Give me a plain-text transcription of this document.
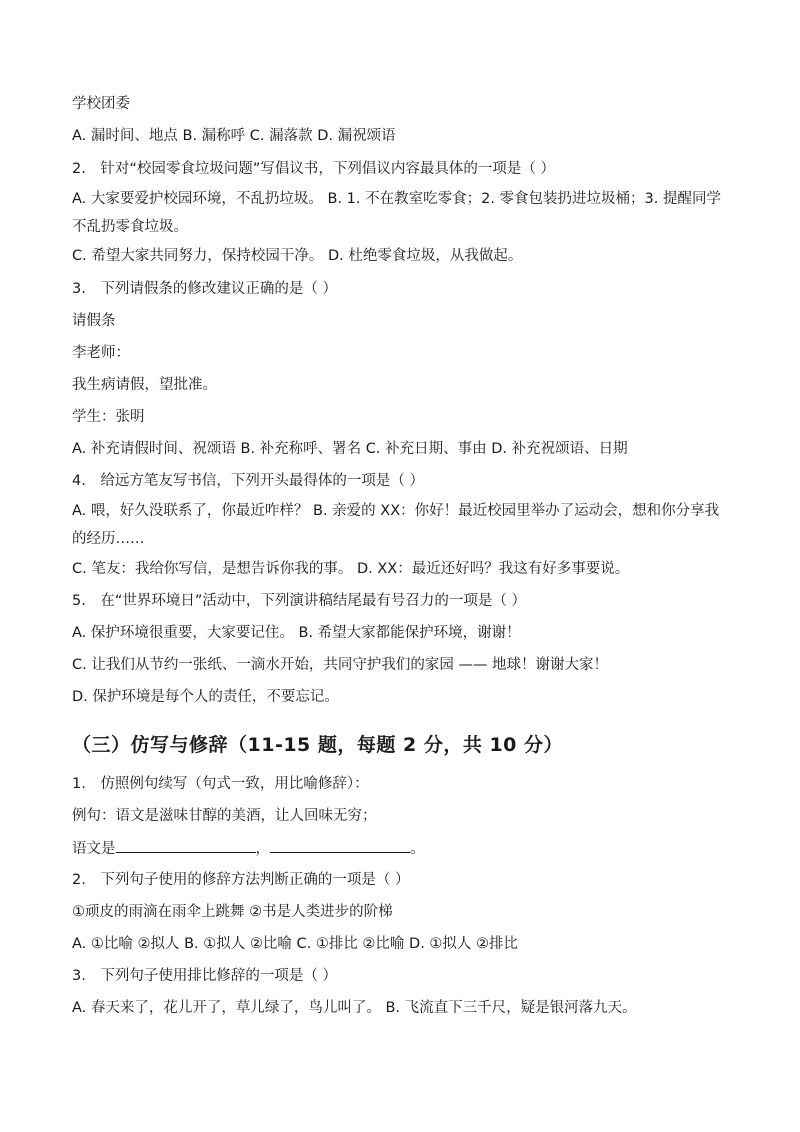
学校团委
A. 漏时间、地点 B. 漏称呼 C. 漏落款 D. 漏祝颂语
2.　针对“校园零食垃圾问题”写倡议书，下列倡议内容最具体的一项是（ ）
A. 大家要爱护校园环境，不乱扔垃圾。 B. 1. 不在教室吃零食；2. 零食包装扔进垃圾桶；3. 提醒同学不乱扔零食垃圾。
C. 希望大家共同努力，保持校园干净。 D. 杜绝零食垃圾，从我做起。
3.　下列请假条的修改建议正确的是（ ）
请假条
李老师：
我生病请假，望批准。
学生：张明
A. 补充请假时间、祝颂语 B. 补充称呼、署名 C. 补充日期、事由 D. 补充祝颂语、日期
4.　给远方笔友写书信，下列开头最得体的一项是（ ）
A. 喂，好久没联系了，你最近咋样？ B. 亲爱的 XX：你好！最近校园里举办了运动会，想和你分享我的经历……
C. 笔友：我给你写信，是想告诉你我的事。 D. XX：最近还好吗？我这有好多事要说。
5.　在“世界环境日”活动中，下列演讲稿结尾最有号召力的一项是（ ）
A. 保护环境很重要，大家要记住。 B. 希望大家都能保护环境，谢谢！
C. 让我们从节约一张纸、一滴水开始，共同守护我们的家园 —— 地球！谢谢大家！
D. 保护环境是每个人的责任，不要忘记。
（三）仿写与修辞（11-15 题，每题 2 分，共 10 分）
1.　仿照例句续写（句式一致，用比喻修辞）：
例句：语文是滋味甘醇的美酒，让人回味无穷；
语文是	，	。
2.　下列句子使用的修辞方法判断正确的一项是（ ）
①顽皮的雨滴在雨伞上跳舞 ②书是人类进步的阶梯
A. ①比喻 ②拟人 B. ①拟人 ②比喻 C. ①排比 ②比喻 D. ①拟人 ②排比
3.　下列句子使用排比修辞的一项是（ ）
A. 春天来了，花儿开了，草儿绿了，鸟儿叫了。 B. 飞流直下三千尺，疑是银河落九天。
